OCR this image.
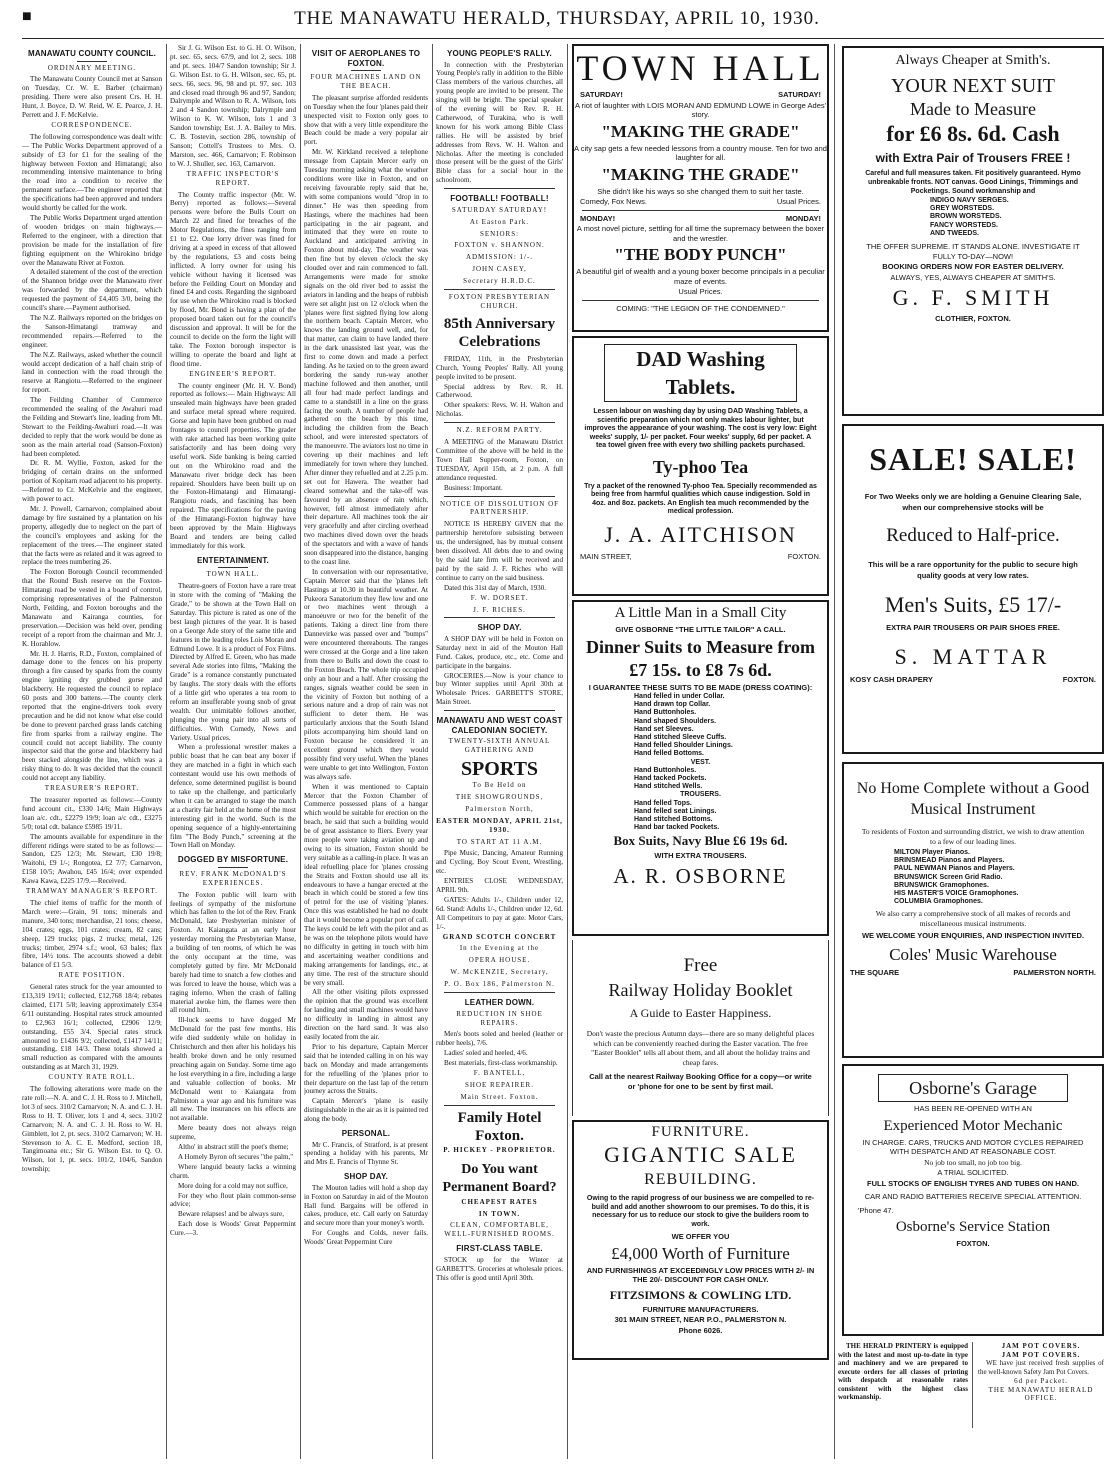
■	THE MANAWATU HERALD, THURSDAY, APRIL 10, 1930.
MANAWATU COUNTY COUNCIL.
ORDINARY MEETING.

The Manawatu County Council met at Sanson on Tuesday, Cr. W. E. Barber (chairman) presiding. There were also present Crs. H. H. Hunt, J. Boyce, D. W. Reid, W. E. Pearce, J. H. Perrett and J. F. McKelvie.

CORRESPONDENCE.

The following correspondence was dealt with:— The Public Works Department approved of a subsidy of £3 for £1 for the sealing of the highway between Foxton and Himatangi; also recommending intensive maintenance to bring the road into a condition to receive the permanent surface.—The engineer reported that the specifications had been approved and tenders would shortly be called for the work.

The Public Works Department urged attention of wooden bridges on main highways.—Referred to the engineer, with a direction that provision be made for the installation of fire fighting equipment on the Whirokino bridge over the Manawatu River at Foxton.

A detailed statement of the cost of the erection of the Shannon bridge over the Manawatu river was forwarded by the department, which requested the payment of £4,405 3/0, being the council's share.—Payment authorised.

The N.Z. Railways reported on the bridges on the Sanson-Himatangi tramway and recommended repairs.—Referred to the engineer.

The N.Z. Railways, asked whether the council would accept dedication of a half chain strip of land in connection with the road through the reserve at Rangiotu.—Referred to the engineer for report.

The Feilding Chamber of Commerce recommended the sealing of the Awahuri road the Feilding and Stewart's line, leading from Mt. Stewart to the Feilding-Awahuri road.—It was decided to reply that the work would be done as soon as the main arterial road (Sanson-Foxton) had been completed.

Dr. R. M. Wyllie, Foxton, asked for the bridging of certain drains on the unformed portion of Kopitarn road adjacent to his property.—Referred to Cr. McKelvie and the engineer, with power to act.

Mr. J. Powell, Carnarvon, complained about damage by fire sustained by a plantation on his property, allegedly due to neglect on the part of the council's employees and asking for the replacement of the trees.—The engineer stated that the facts were as related and it was agreed to replace the trees numbering 26.

The Foxton Borough Council recommended that the Round Bush reserve on the Foxton-Himatangi road be vested in a board of control, comprising representatives of the Palmerston North, Feilding, and Foxton boroughs and the Manawatu and Kairanga counties, for preservation.—Decision was held over, pending receipt of a report from the chairman and Mr. J. K. Horablow.

Mr. H. J. Harris, R.D., Foxton, complained of damage done to the fences on his property through a fire caused by sparks from the county engine igniting dry grubbed gorse and blackberry. He requested the council to replace 60 posts and 300 battens.—The county clerk reported that the engine-drivers took every precaution and he did not know what else could be done to prevent parched grass lands catching fire from sparks from a railway engine. The council could not accept liability. The county inspector said that the gorse and blackberry had been stacked alongside the line, which was a risky thing to do. It was decided that the council could not accept any liability.

TREASURER'S REPORT.

The treasurer reported as follows:—County fund account cit., £330 14/6; Main Highways loan a/c. cdt., £2279 19/9; loan a/c cdt., £3275 5/0; total cdt. balance £5985 19/11.

The amounts available for expenditure in the different ridings were stated to be as follows:—Sandon, £25 12/3; Mt. Stewart, £30 19/8; Waitohi, £9 1/-; Rongotea, £2 7/7; Carnarvon, £158 10/5; Awahou, £45 16/4; over expended Kawa Kawa, £225 17/9.—Received.

TRAMWAY MANAGER'S REPORT.

The chief items of traffic for the month of March were:—Grain, 91 tons; minerals and manure, 340 tons; merchandise, 21 tons; cheese, 104 crates; eggs, 101 crates; cream, 82 cans; sheep, 129 trucks; pigs, 2 trucks; metal, 126 trucks; timber, 2974 s.f.; wool, 63 bales; flax fibre, 14½ tons. The accounts showed a debit balance of £1 5/3.

RATE POSITION.

General rates struck for the year amounted to £13,319 19/11; collected, £12,768 18/4; rebates claimed, £171 5/8; leaving approximately £354 6/11 outstanding. Hospital rates struck amounted to £2,963 16/1; collected, £2906 12/9; outstanding, £55 3/4. Special rates struck amounted to £1436 9/2; collected, £1417 14/11; outstanding, £18 14/3. These totals showed a small reduction as compared with the amounts outstanding as at March 31, 1929.

COUNTY RATE ROLL.

The following alterations were made on the rate roll:—N. A. and C. J. H. Ross to J. Mitchell, lot 3 of secs. 310/2 Carnarvon; N. A. and C. J. H. Ross to H. T. Oliver, lots 1 and 4, secs. 310/2 Carnarvon; N. A. and C. J. H. Ross to W. H. Gimblett, lot 2, pt. secs. 310/2 Carnarvon; W. H. Stevenson to A. C. E. Medford, section 18, Tangimoana etc.; Sir G. Wilson Est. to Q. O. Wilson, lot 1, pt. secs. 101/2, 104/6, Sandon township;

Sir J. G. Wilson Est. to G. H. O. Wilson, pt. sec. 65, secs. 67/9, and lot 2, secs. 108 and pt. secs. 104/7 Sandon township; Sir J. G. Wilson Est. to G. H. Wilson, sec. 65, pt. secs. 66, secs. 96, 98 and pt. 97, sec. 103 and closed road through 96 and 97, Sandon; Dalrymple and Wilson to R. A. Wilson, lots 2 and 4 Sandon township; Dalrymple and Wilson to K. W. Wilson, lots 1 and 3 Sandon township; Est. J. A. Bailey to Mrs. C. B. Tostevin, section 286, township of Sanson; Cottell's Trustees to Mrs. O. Marston, sec. 466, Carnarvon; F. Robinson to W. J. Shuller, sec. 163, Carnarvon.

TRAFFIC INSPECTOR'S REPORT.

The County traffic inspector (Mr. W. Berry) reported as follows:—Several persons were before the Bulls Court on March 22 and fined for breaches of the Motor Regulations, the fines ranging from £1 to £2. One lorry driver was fined for driving at a speed in excess of that allowed by the regulations, £3 and costs being inflicted. A lorry owner for using his vehicle without having it licensed was before the Feilding Court on Monday and fined £4 and costs. Regarding the signboard for use when the Whirokino road is blocked by flood, Mr. Bond is having a plan of the proposed board taken out for the council's discussion and approval. It will be for the council to decide on the form the light will take. The Foxton borough inspector is willing to operate the board and light at flood time.

ENGINEER'S REPORT.

The county engineer (Mr. H. V. Bond) reported as follows:— Main Highways: All unsealed main highways have been graded and surface metal spread where required. Gorse and lupin have been grubbed on road frontages to council properties. The grader with rake attached has been working quite satisfactorily and has been doing very useful work. Side banking is being carried out on the Whirokino road and the Manawatu river bridge deck has been repaired. Shoulders have been built up on the Foxton-Himatangi and Himatangi-Rangiotu roads, and fascining has been repaired. The specifications for the paving of the Himatangi-Foxton highway have been approved by the Main Highways Board and tenders are being called immediately for this work.

ENTERTAINMENT.
TOWN HALL.

Theatre-goers of Foxton have a rare treat in store with the coming of "Making the Grade," to be shown at the Town Hall on Saturday. This picture is rated as one of the best laugh pictures of the year. It is based on a George Ade story of the same title and features in the leading roles Lois Moran and Edmund Lowe. It is a product of Fox Films. Directed by Alfred E. Green, who has made several Ade stories into films, "Making the Grade" is a romance constantly punctuated by laughs. The story deals with the efforts of a little girl who operates a tea room to reform an insufferable young snob of great wealth. Our unimitable follows another, plunging the young pair into all sorts of difficulties. With Comedy, News and Variety. Usual prices.

When a professional wrestler makes a public boast that he can beat any boxer if they are matched in a fight in which each contestant would use his own methods of defence, some determined pugilist is bound to take up the challenge, and particularly when it can be arranged to stage the match at a charity fair held at the home of the most interesting girl in the world. Such is the opening sequence of a highly-entertaining film "The Body Punch," screening at the Town Hall on Monday.

DOGGED BY MISFORTUNE.
REV. FRANK McDONALD'S EXPERIENCES.

The Foxton public will learn with feelings of sympathy of the misfortune which has fallen to the lot of the Rev. Frank McDonald, late Presbyterian minister of Foxton. At Kaiangata at an early hour yesterday morning the Presbyterian Manse, a building of ten rooms, of which he was the only occupant at the time, was completely gutted by fire. Mr McDonald barely had time to snatch a few clothes and was forced to leave the house, which was a raging inferno. When the crash of falling material awoke him, the flames were then all round him.

Ill-luck seems to have dogged Mr McDonald for the past few months. His wife died suddenly while on holiday in Christchurch and then after his holidays his health broke down and he only resumed preaching again on Sunday. Some time ago he lost everything in a fire, including a large and valuable collection of books. Mr McDonald went to Kaiangata from Palmiston a year ago and his furniture was all new. The insurances on his effects are not available.

Mere beauty does not always reign supreme,

Altho' in abstract still the poet's theme;

A Homely Byron oft secures "the palm,"

Where languid beauty lacks a winning charm.

More doing for a cold may not suffice,

For they who flout plain common-sense advice;

Beware relapses! and be always sure,

Each dose is Woods' Great Peppermint Cure.—3.

VISIT OF AEROPLANES TO FOXTON.
FOUR MACHINES LAND ON THE BEACH.

The pleasant surprise afforded residents on Tuesday when the four 'planes paid their unexpected visit to Foxton only goes to show that with a very little expenditure the Beach could be made a very popular air port.

Mr. W. Kirkland received a telephone message from Captain Mercer early on Tuesday morning asking what the weather conditions were like in Foxton, and on receiving favourable reply said that he, with some companions would "drop in to dinner." He was then speeding from Hastings, where the machines had been participating in the air pageant, and intimated that they were en route to Auckland and anticipated arriving in Foxton about mid-day. The weather was then fine but by eleven o'clock the sky clouded over and rain commenced to fall. Arrangements were made for smoke signals on the old river bed to assist the aviators in landing and the heaps of rubbish were set alight just on 12 o'clock when the 'planes were first sighted flying low along the northern beach. Captain Mercer, who knows the landing ground well, and, for that matter, can claim to have landed there in the dark unassisted last year, was the first to come down and made a perfect landing. As he taxied on to the green award bordering the sandy run-way another machine followed and then another, until all four had made perfect landings and came to a standstill in a line on the grass facing the south. A number of people had gathered on the beach by this time, including the children from the Beach school, and were interested spectators of the manoeuvre. The aviators lost no time in covering up their machines and left immediately for town where they lunched. After dinner they refuelled and at 2.25 p.m. set out for Hawera. The weather had cleared somewhat and the take-off was favoured by an absence of rain which, however, fell almost immediately after their departure. All machines took the air very gracefully and after circling overhead two machines dived down over the heads of the spectators and with a wave of hands soon disappeared into the distance, hanging to the coast line.

In conversation with our representative, Captain Mercer said that the 'planes left Hastings at 10.30 in beautiful weather. At Pukeora Sanatorium they flew low and one or two machines went through a manoeuvre or two for the benefit of the patients. Taking a direct line from there Dannevirke was passed over and "bumps" were encountered thereabouts. The ranges were crossed at the Gorge and a line taken from there to Bulls and down the coast to the Foxton Beach. The whole trip occupied only an hour and a half. After crossing the ranges, signals weather could be seen in the vicinity of Foxton but nothing of a serious nature and a drop of rain was not sufficient to deter them. He was particularly anxious that the South Island pilots accompanying him should land on Foxton because he considered it an excellent ground which they would possibly find very useful. When the 'planes were unable to get into Wellington, Foxton was always safe.

When it was mentioned to Captain Mercer that the Foxton Chamber of Commerce possessed plans of a hangar which would be suitable for erection on the beach, he said that such a building would be of great assistance to fliers. Every year more people were taking aviation up and owing to its situation, Foxton should be very suitable as a calling-in place. It was an ideal refuelling place for 'planes crossing the Straits and Foxton should use all its endeavours to have a hangar erected at the beach in which could be stored a few tins of petrol for the use of visiting 'planes. Once this was established he had no doubt that it would become a popular port of call. The keys could be left with the pilot and as he was on the telephone pilots would have no difficulty in getting in touch with him and ascertaining weather conditions and making arrangements for landings, etc., at any time. The rest of the structure should be very small.

All the other visiting pilots expressed the opinion that the ground was excellent for landing and small machines would have no difficulty in landing in almost any direction on the hard sand. It was also easily located from the air.

Prior to his departure, Captain Mercer said that he intended calling in on his way back on Monday and made arrangements for the refuelling of the 'planes prior to their departure on the last lap of the return journey across the Straits.

Captain Mercer's 'plane is easily distinguishable in the air as it is painted red along the body.

PERSONAL.

Mr C. Francis, of Stratford, is at present spending a holiday with his parents, Mr and Mrs E. Francis of Thynne St.

SHOP DAY.

The Mouton ladies will hold a shop day in Foxton on Saturday in aid of the Mouton Hall fund. Bargains will be offered in cakes, produce, etc. Call early on Saturday and secure more than your money's worth.

For Coughs and Colds, never fails. Woods' Great Peppermint Cure

YOUNG PEOPLE'S RALLY.

In connection with the Presbyterian Young People's rally in addition to the Bible Class members of the various churches, all young people are invited to be present. The singing will be bright. The special speaker of the evening will be Rev. R. H. Catherwood, of Turakina, who is well known for his work among Bible Class rallies. He will be assisted by brief addresses from Revs. W. H. Walton and Nicholas. After the meeting is concluded those present will be the guest of the Girls' Bible class for a social hour in the schoolroom.

FOOTBALL! FOOTBALL!
SATURDAY SATURDAY!
At Easton Park.
SENIORS:
FOXTON v. SHANNON.
ADMISSION: 1/-.
JOHN CASEY,
Secretary H.R.D.C.
FOXTON PRESBYTERIAN CHURCH.
85th Anniversary Celebrations

FRIDAY, 11th, in the Presbyterian Church, Young Peoples' Rally. All young people invited to be present.

Special address by Rev. R. H. Catherwood.

Other speakers: Revs. W. H. Walton and Nicholas.

N.Z. REFORM PARTY.

A MEETING of the Manawatu District Committee of the above will be held in the Town Hall Supper-room, Foxton, on TUESDAY, April 15th, at 2 p.m. A full attendance requested.

Business: Important.

NOTICE OF DISSOLUTION OF PARTNERSHIP.

NOTICE IS HEREBY GIVEN that the partnership heretofore subsisting between us, the undersigned, has by mutual consent been dissolved. All debts due to and owing by the said late firm will be received and paid by the said J. F. Riches who will continue to carry on the said business.

Dated this 31st day of March, 1930.

F. W. DORSET.
J. F. RICHES.
SHOP DAY.

A SHOP DAY will be held in Foxton on Saturday next in aid of the Mouton Hall Fund. Cakes, produce, etc., etc. Come and participate in the bargains.

GROCERIES.—Now is your chance to buy Winter supplies until April 30th at Wholesale Prices. GARBETT'S STORE, Main Street.

MANAWATU AND WEST COAST CALEDONIAN SOCIETY.
TWENTY-SIXTH ANNUAL GATHERING AND
SPORTS
To Be Held on
THE SHOWGROUNDS,
Palmerston North,
EASTER MONDAY, APRIL 21st, 1930.
TO START AT 11 A.M.

Pipe Music, Dancing, Amateur Running and Cycling, Boy Scout Event, Wrestling, etc.

ENTRIES CLOSE WEDNESDAY, APRIL 9th.

GATES: Adults 1/-, Children under 12, 6d. Stand: Adults 1/-, Children under 12, 6d. All Competitors to pay at gate. Motor Cars, 1/-.

GRAND SCOTCH CONCERT
In the Evening at the
OPERA HOUSE.
W. McKENZIE, Secretary,
P. O. Box 186, Palmerston N.
LEATHER DOWN.
REDUCTION IN SHOE REPAIRS.

Men's boots soled and heeled (leather or rubber heels), 7/6.

Ladies' soled and heeled, 4/6.

Best materials, first-class workmanship.

F. BANTELL,
SHOE REPAIRER.
Main Street. Foxton.
Family Hotel Foxton.
P. HICKEY - PROPRIETOR.
Do You want Permanent Board?
CHEAPEST RATES
IN TOWN.
CLEAN, COMFORTABLE, WELL-FURNISHED ROOMS.
FIRST-CLASS TABLE.

STOCK up for the Winter at GARBETT'S. Groceries at wholesale prices. This offer is good until April 30th.

TOWN HALL
SATURDAY!	SATURDAY!

A riot of laughter with LOIS MORAN AND EDMUND LOWE in George Ades' story.

"MAKING THE GRADE"

A city sap gets a few needed lessons from a country mouse. Ten for two and laughter for all.

"MAKING THE GRADE"

She didn't like his ways so she changed them to suit her taste.

Comedy, Fox News.	Usual Prices.
MONDAY!	MONDAY!

A most novel picture, settling for all time the supremacy between the boxer and the wrestler.

"THE BODY PUNCH"

A beautiful girl of wealth and a young boxer become principals in a peculiar maze of events.

Usual Prices.

COMING: "THE LEGION OF THE CONDEMNED."

DAD Washing Tablets.

Lessen labour on washing day by using DAD Washing Tablets, a scientific preparation which not only makes labour lighter, but improves the appearance of your washing. The cost is very low: Eight weeks' supply, 1/- per packet. Four weeks' supply, 6d per packet. A tea towel given free with every two shilling packets purchased.

Ty-phoo Tea

Try a packet of the renowned Ty-phoo Tea. Specially recommended as being free from harmful qualities which cause indigestion. Sold in 4oz. and 8oz. packets. An English tea much recommended by the medical profession.

J. A. AITCHISON
MAIN STREET,	FOXTON.
A Little Man in a Small City

GIVE OSBORNE "THE LITTLE TAILOR" A CALL.

Dinner Suits to Measure from £7 15s. to £8 7s 6d.

I GUARANTEE THESE SUITS TO BE MADE (DRESS COATING):

Hand felled in under Collar.
Hand drawn top Collar.
Hand Buttonholes.
Hand shaped Shoulders.
Hand set Sleeves.
Hand stitched Sleeve Cuffs.
Hand felled Shoulder Linings.
Hand felled Bottoms.
VEST.
Hand Buttonholes.
Hand tacked Pockets.
Hand stitched Wells.
TROUSERS.
Hand felled Tops.
Hand felled seat Linings.
Hand stitched Bottoms.
Hand bar tacked Pockets.
Box Suits, Navy Blue £6 19s 6d.

WITH EXTRA TROUSERS.

A. R. OSBORNE
Free
Railway Holiday Booklet
A Guide to Easter Happiness.

Don't waste the precious Autumn days—there are so many delightful places which can be conveniently reached during the Easter vacation. The free "Easter Booklet" tells all about them, and all about the holiday trains and cheap fares.

Call at the nearest Railway Booking Office for a copy—or write or 'phone for one to be sent by first mail.

FURNITURE.
GIGANTIC SALE
REBUILDING.

Owing to the rapid progress of our business we are compelled to re-build and add another showroom to our premises. To do this, it is necessary for us to reduce our stock to give the builders room to work.

WE OFFER YOU

£4,000 Worth of Furniture

AND FURNISHINGS AT EXCEEDINGLY LOW PRICES WITH 2/- IN THE 20/- DISCOUNT FOR CASH ONLY.

FITZSIMONS & COWLING LTD.

FURNITURE MANUFACTURERS.

301 MAIN STREET, NEAR P.O., PALMERSTON N.

Phone 6026.

Always Cheaper at Smith's.
YOUR NEXT SUIT
Made to Measure
for £6 8s. 6d. Cash
with Extra Pair of Trousers FREE !

Careful and full measures taken. Fit positively guaranteed. Hymo unbreakable fronts. NOT canvas. Good Linings, Trimmings and Pocketings. Sound workmanship and

INDIGO NAVY SERGES.
GREY WORSTEDS.
BROWN WORSTEDS.
FANCY WORSTEDS.
AND TWEEDS.

THE OFFER SUPREME. IT STANDS ALONE. INVESTIGATE IT FULLY TO-DAY—NOW!

BOOKING ORDERS NOW FOR EASTER DELIVERY.

ALWAYS, YES, ALWAYS CHEAPER AT SMITH'S.

G. F. SMITH

CLOTHIER, FOXTON.

SALE! SALE!

For Two Weeks only we are holding a Genuine Clearing Sale, when our comprehensive stocks will be

Reduced to Half-price.

This will be a rare opportunity for the public to secure high quality goods at very low rates.

Men's Suits, £5 17/-

EXTRA PAIR TROUSERS OR PAIR SHOES FREE.

S. MATTAR
KOSY CASH DRAPERY	FOXTON.
No Home Complete without a Good Musical Instrument

To residents of Foxton and surrounding district, we wish to draw attention to a few of our leading lines.

MILTON Player Pianos.
BRINSMEAD Pianos and Players.
PAUL NEWMAN Pianos and Players.
BRUNSWICK Screen Grid Radio.
BRUNSWICK Gramophones.
HIS MASTER'S VOICE Gramophones.
COLUMBIA Gramophones.

We also carry a comprehensive stock of all makes of records and miscellaneous musical instruments.

WE WELCOME YOUR ENQUIRIES, AND INSPECTION INVITED.

Coles' Music Warehouse
THE SQUARE	PALMERSTON NORTH.
Osborne's Garage

HAS BEEN RE-OPENED WITH AN

Experienced Motor Mechanic

IN CHARGE. CARS, TRUCKS AND MOTOR CYCLES REPAIRED WITH DESPATCH AND AT REASONABLE COST.

No job too small, no job too big.

A TRIAL SOLICITED.

FULL STOCKS OF ENGLISH TYRES AND TUBES ON HAND.

CAR AND RADIO BATTERIES RECEIVE SPECIAL ATTENTION.

'Phone 47.

Osborne's Service Station

FOXTON.

THE HERALD PRINTERY is equipped with the latest and most up-to-date in type and machinery and we are prepared to execute orders for all classes of printing with despatch at reasonable rates consistent with the highest class workmanship.

JAM POT COVERS.
JAM POT COVERS.

WE have just received fresh supplies of the well-known Safety Jam Pot Covers.

6d per Packet.
THE MANAWATU HERALD OFFICE.
